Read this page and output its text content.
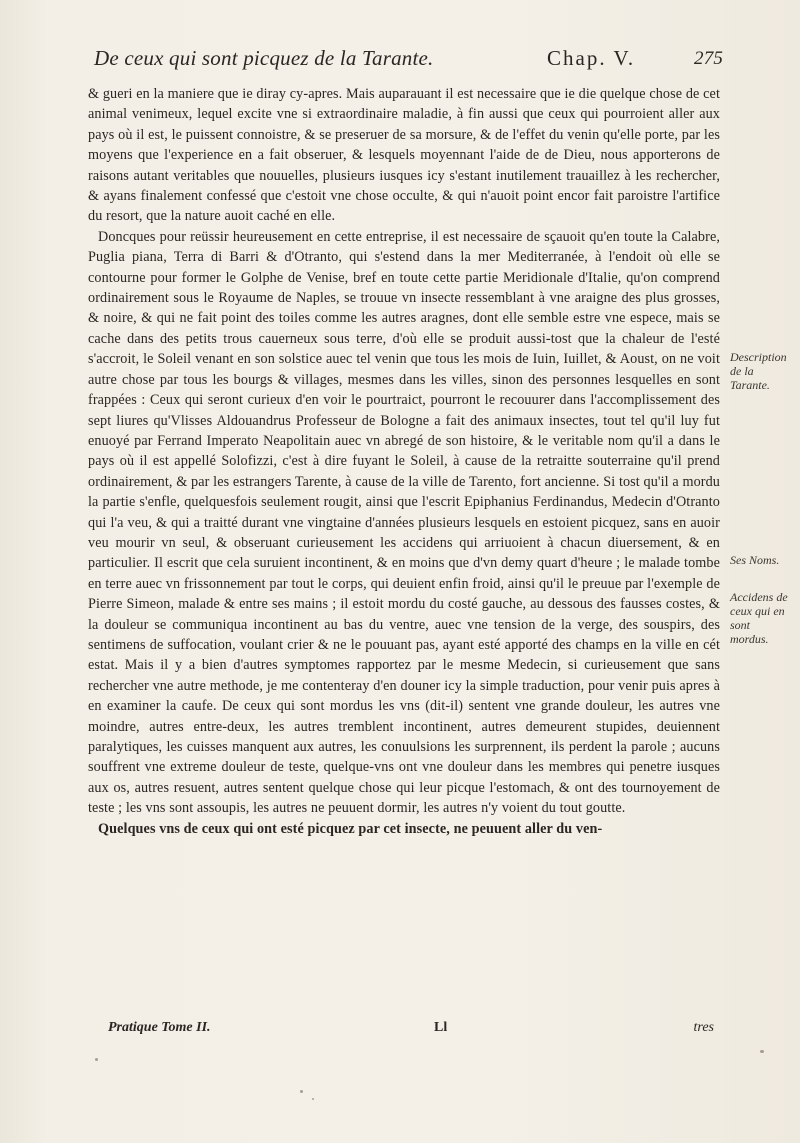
De ceux qui sont picquez de la Tarante.	Chap. V.	275

& gueri en la maniere que ie diray cy-apres. Mais auparauant il est necessaire que ie die quelque chose de cet animal venimeux, lequel excite vne si extraordinaire maladie, à fin aussi que ceux qui pourroient aller aux pays où il est, le puissent connoistre, & se preseruer de sa morsure, & de l'effet du venin qu'elle porte, par les moyens que l'experience en a fait obseruer, & lesquels moyennant l'aide de de Dieu, nous apporterons de raisons autant veritables que nouuelles, plusieurs iusques icy s'estant inutilement trauaillez à les rechercher, & ayans finalement confessé que c'estoit vne chose occulte, & qui n'auoit point encor fait paroistre l'artifice du resort, que la nature auoit caché en elle.

Doncques pour reüssir heureusement en cette entreprise, il est necessaire de sçauoit qu'en toute la Calabre, Puglia piana, Terra di Barri & d'Otranto, qui s'estend dans la mer Mediterranée, à l'endoit où elle se contourne pour former le Golphe de Venise, bref en toute cette partie Meridionale d'Italie, qu'on comprend ordinairement sous le Royaume de Naples, se trouue vn insecte ressemblant à vne araigne des plus grosses, & noire, & qui ne fait point des toiles comme les autres aragnes, dont elle semble estre vne espece, mais se cache dans des petits trous cauerneux sous terre, d'où elle se produit aussi-tost que la chaleur de l'esté s'accroit, le Soleil venant en son solstice auec tel venin que tous les mois de Iuin, Iuillet, & Aoust, on ne voit autre chose par tous les bourgs & villages, mesmes dans les villes, sinon des personnes lesquelles en sont frappées : Ceux qui seront curieux d'en voir le pourtraict, pourront le recouurer dans l'accomplissement des sept liures qu'Vlisses Aldouandrus Professeur de Bologne a fait des animaux insectes, tout tel qu'il luy fut enuoyé par Ferrand Imperato Neapolitain auec vn abregé de son histoire, & le veritable nom qu'il a dans le pays où il est appellé Solofizzi, c'est à dire fuyant le Soleil, à cause de la retraitte souterraine qu'il prend ordinairement, & par les estrangers Tarente, à cause de la ville de Tarento, fort ancienne. Si tost qu'il a mordu la partie s'enfle, quelquesfois seulement rougit, ainsi que l'escrit Epiphanius Ferdinandus, Medecin d'Otranto qui l'a veu, & qui a traitté durant vne vingtaine d'années plusieurs lesquels en estoient picquez, sans en auoir veu mourir vn seul, & obseruant curieusement les accidens qui arriuoient à chacun diuersement, & en particulier. Il escrit que cela suruient incontinent, & en moins que d'vn demy quart d'heure ; le malade tombe en terre auec vn frissonnement par tout le corps, qui deuient enfin froid, ainsi qu'il le preuue par l'exemple de Pierre Simeon, malade & entre ses mains ; il estoit mordu du costé gauche, au dessous des fausses costes, & la douleur se communiqua incontinent au bas du ventre, auec vne tension de la verge, des souspirs, des sentimens de suffocation, voulant crier & ne le pouuant pas, ayant esté apporté des champs en la ville en cét estat. Mais il y a bien d'autres symptomes rapportez par le mesme Medecin, si curieusement que sans rechercher vne autre methode, je me contenteray d'en douner icy la simple traduction, pour venir puis apres à en examiner la caufe. De ceux qui sont mordus les vns (dit-il) sentent vne grande douleur, les autres vne moindre, autres entre-deux, les autres tremblent incontinent, autres demeurent stupides, deuiennent paralytiques, les cuisses manquent aux autres, les conuulsions les surprennent, ils perdent la parole ; aucuns souffrent vne extreme douleur de teste, quelque-vns ont vne douleur dans les membres qui penetre iusques aux os, autres resuent, autres sentent quelque chose qui leur picque l'estomach, & ont des tournoyement de teste ; les vns sont assoupis, les autres ne peuuent dormir, les autres n'y voient du tout goutte.

Quelques vns de ceux qui ont esté picquez par cet insecte, ne peuuent aller du ven-

Description de la Tarante.
Ses Noms.
Accidens de ceux qui en sont mordus.
Pratique Tome II.	Ll	tres
